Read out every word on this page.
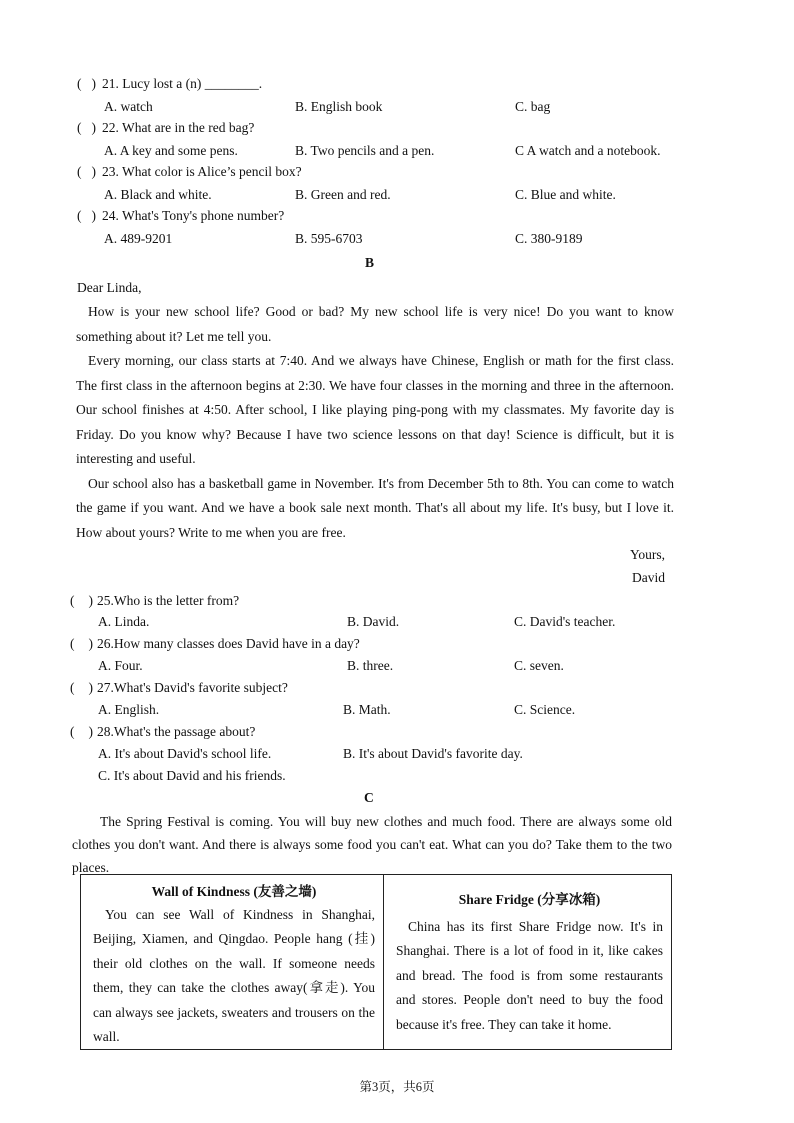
( ) 21. Lucy lost a (n) ________.
A. watch	B. English book	C. bag
( ) 22. What are in the red bag?
A. A key and some pens.	B. Two pencils and a pen.	C A watch and a notebook.
( ) 23. What color is Alice’s pencil box?
A. Black and white.	B. Green and red.	C. Blue and white.
( ) 24. What's Tony's phone number?
A. 489-9201	B. 595-6703	C. 380-9189
B
Dear Linda,

How is your new school life? Good or bad? My new school life is very nice! Do you want to know something about it? Let me tell you.

Every morning, our class starts at 7:40. And we always have Chinese, English or math for the first class. The first class in the afternoon begins at 2:30. We have four classes in the morning and three in the afternoon. Our school finishes at 4:50. After school, I like playing ping-pong with my classmates. My favorite day is Friday. Do you know why? Because I have two science lessons on that day! Science is difficult, but it is interesting and useful.

Our school also has a basketball game in November. It's from December 5th to 8th. You can come to watch the game if you want. And we have a book sale next month. That's all about my life. It's busy, but I love it. How about yours? Write to me when you are free.

Yours,
David
( ) 25.Who is the letter from?
A. Linda.	B. David.	C. David's teacher.
( ) 26.How many classes does David have in a day?
A. Four.	B. three.	C. seven.
( ) 27.What's David's favorite subject?
A. English.	B. Math.	C. Science.
( ) 28.What's the passage about?
A. It's about David's school life.	B. It's about David's favorite day.
C. It's about David and his friends.
C

The Spring Festival is coming. You will buy new clothes and much food. There are always some old clothes you don't want. And there is always some food you can't eat. What can you do? Take them to the two places.

Wall of Kindness (友善之墙)

You can see Wall of Kindness in Shanghai, Beijing, Xiamen, and Qingdao. People hang (挂) their old clothes on the wall. If someone needs them, they can take the clothes away(拿走). You can always see jackets, sweaters and trousers on the wall.

Share Fridge (分享冰箱)

China has its first Share Fridge now. It's in Shanghai. There is a lot of food in it, like cakes and bread. The food is from some restaurants and stores. People don't need to buy the food because it's free. They can take it home.

第3页，共6页
